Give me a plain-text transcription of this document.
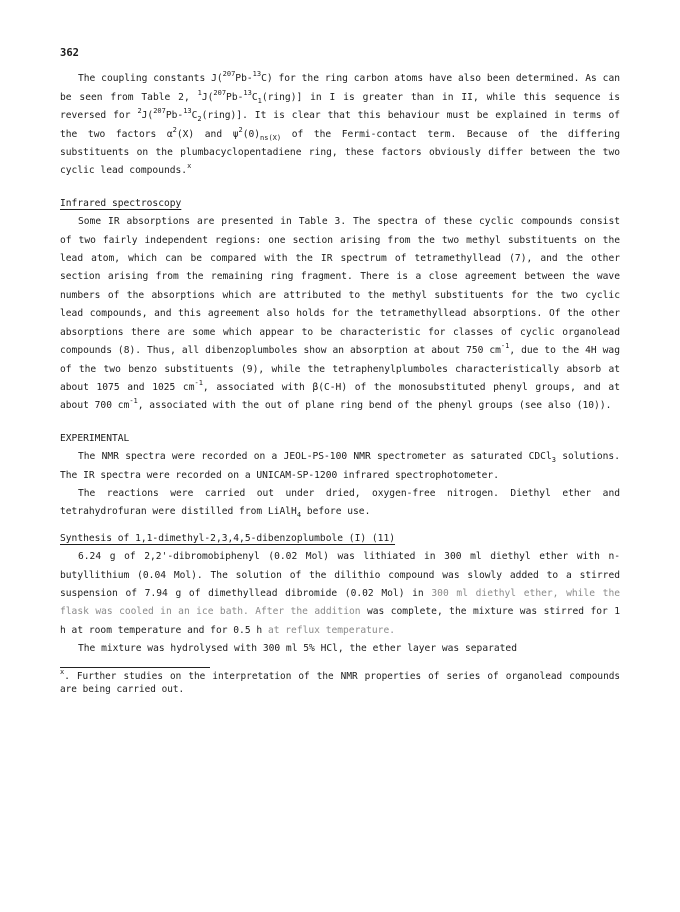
362

The coupling constants J($^{207}$Pb-$^{13}$C) for the ring carbon atoms have also been determined. As can be seen from Table 2, $^1J(^{207}Pb-^{13}C_1(ring)]$ in I is greater than in II, while this sequence is reversed for $^2J(^{207}Pb-^{13}C_2(ring)]$. It is clear that this behaviour must be explained in terms of the two factors $\alpha^2(X)$ and $\psi^2(0)_{ns(X)}$ of the Fermi-contact term. Because of the differing substituents on the plumbacyclopentadiene ring, these factors obviously differ between the two cyclic lead compounds.$^x$

Infrared spectroscopy

Some IR absorptions are presented in Table 3. The spectra of these cyclic compounds consist of two fairly independent regions: one section arising from the two methyl substituents on the lead atom, which can be compared with the IR spectrum of tetramethyllead (7), and the other section arising from the remaining ring fragment. There is a close agreement between the wave numbers of the absorptions which are attributed to the methyl substituents for the two cyclic lead compounds, and this agreement also holds for the tetramethyllead absorptions. Of the other absorptions there are some which appear to be characteristic for classes of cyclic organolead compounds (8). Thus, all dibenzoplumboles show an absorption at about 750 $cm^{-1}$, due to the 4H wag of the two benzo substituents (9), while the tetraphenylplumboles characteristically absorb at about 1075 and 1025 $cm^{-1}$, associated with β(C-H) of the monosubstituted phenyl groups, and at about 700 $cm^{-1}$, associated with the out of plane ring bend of the phenyl groups (see also (10)).

EXPERIMENTAL

The NMR spectra were recorded on a JEOL-PS-100 NMR spectrometer as saturated CDCl$_3$ solutions. The IR spectra were recorded on a UNICAM-SP-1200 infrared spectrophotometer.

The reactions were carried out under dried, oxygen-free nitrogen. Diethyl ether and tetrahydrofuran were distilled from LiAlH$_4$ before use.

Synthesis of 1,1-dimethyl-2,3,4,5-dibenzoplumbole (I) (11)

6.24 g of 2,2'-dibromobiphenyl (0.02 Mol) was lithiated in 300 ml diethyl ether with n-butyllithium (0.04 Mol). The solution of the dilithio compound was slowly added to a stirred suspension of 7.94 g of dimethyllead dibromide (0.02 Mol) in 300 ml diethyl ether, while the flask was cooled in an ice bath. After the addition was complete, the mixture was stirred for 1 h at room temperature and for 0.5 h at reflux temperature.

The mixture was hydrolysed with 300 ml 5% HCl, the ether layer was separated

$^x$. Further studies on the interpretation of the NMR properties of series of organolead compounds are being carried out.
